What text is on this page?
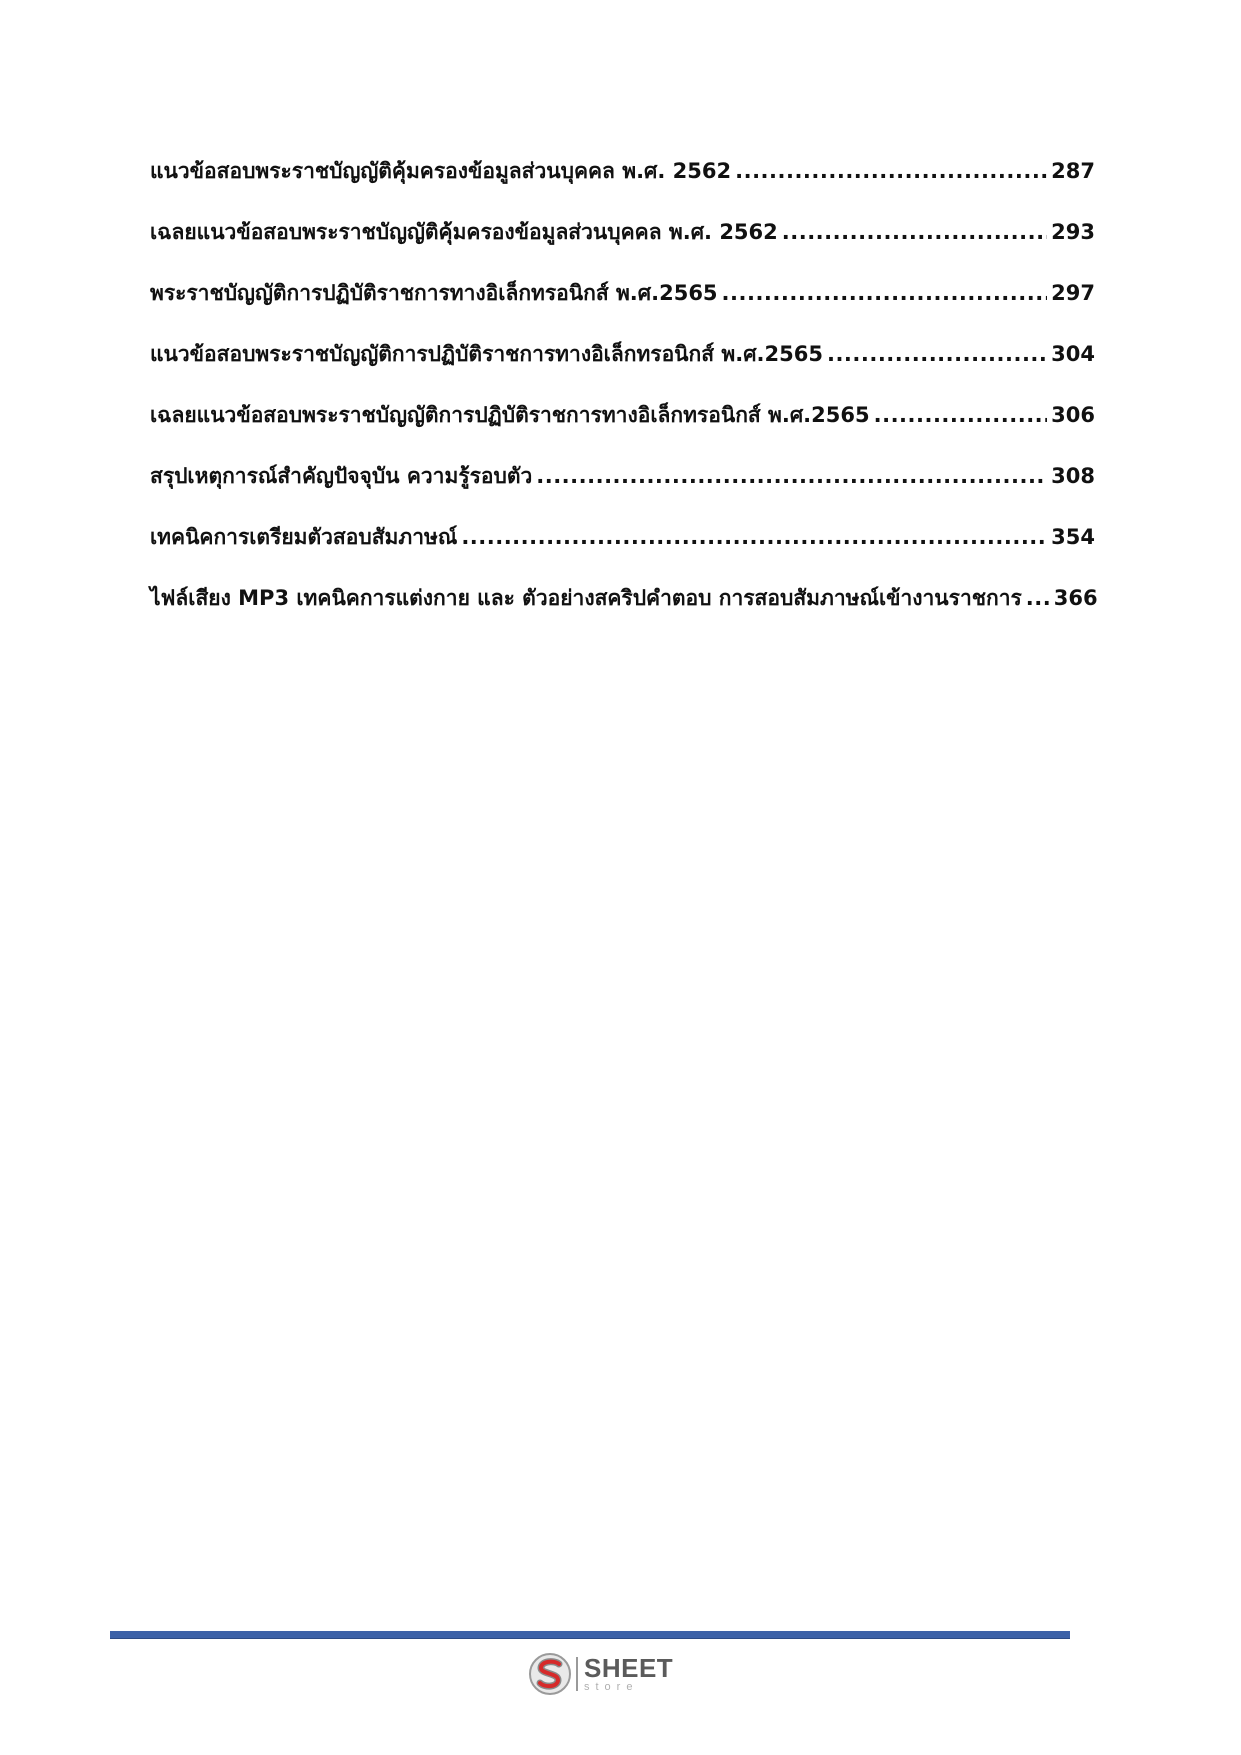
แนวข้อสอบพระราชบัญญัติคุ้มครองข้อมูลส่วนบุคคล พ.ศ. 2562 .....	287
เฉลยแนวข้อสอบพระราชบัญญัติคุ้มครองข้อมูลส่วนบุคคล พ.ศ. 2562 .....	293
พระราชบัญญัติการปฏิบัติราชการทางอิเล็กทรอนิกส์ พ.ศ.2565 .....	297
แนวข้อสอบพระราชบัญญัติการปฏิบัติราชการทางอิเล็กทรอนิกส์ พ.ศ.2565 .....	304
เฉลยแนวข้อสอบพระราชบัญญัติการปฏิบัติราชการทางอิเล็กทรอนิกส์ พ.ศ.2565 .....	306
สรุปเหตุการณ์สำคัญปัจจุบัน ความรู้รอบตัว .....	308
เทคนิคการเตรียมตัวสอบสัมภาษณ์ .....	354
ไฟล์เสียง MP3 เทคนิคการแต่งกาย และ ตัวอย่างสคริปคำตอบ การสอบสัมภาษณ์เข้างานราชการ ..... 366
SHEET
store
